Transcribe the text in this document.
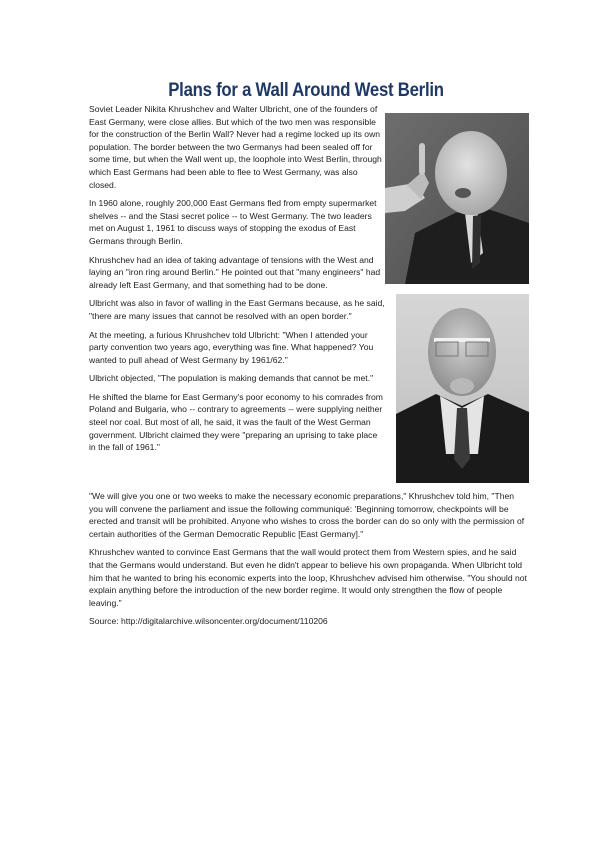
Plans for a Wall Around West Berlin

Soviet Leader Nikita Khrushchev and Walter Ulbricht, one of the founders of East Germany, were close allies. But which of the two men was responsible for the construction of the Berlin Wall? Never had a regime locked up its own population. The border between the two Germanys had been sealed off for some time, but when the Wall went up, the loophole into West Berlin, through which East Germans had been able to flee to West Germany, was also closed.

In 1960 alone, roughly 200,000 East Germans fled from empty supermarket shelves -- and the Stasi secret police -- to West Germany. The two leaders met on August 1, 1961 to discuss ways of stopping the exodus of East Germans through Berlin.

Khrushchev had an idea of taking advantage of tensions with the West and laying an "iron ring around Berlin." He pointed out that "many engineers" had already left East Germany, and that something had to be done.

Ulbricht was also in favor of walling in the East Germans because, as he said, "there are many issues that cannot be resolved with an open border."

At the meeting, a furious Khrushchev told Ulbricht: "When I attended your party convention two years ago, everything was fine. What happened? You wanted to pull ahead of West Germany by 1961/62."

Ulbricht objected, "The population is making demands that cannot be met."

He shifted the blame for East Germany's poor economy to his comrades from Poland and Bulgaria, who -- contrary to agreements -- were supplying neither steel nor coal. But most of all, he said, it was the fault of the West German government. Ulbricht claimed they were "preparing an uprising to take place in the fall of 1961."

"We will give you one or two weeks to make the necessary economic preparations," Khrushchev told him, "Then you will convene the parliament and issue the following communiqué: 'Beginning tomorrow, checkpoints will be erected and transit will be prohibited. Anyone who wishes to cross the border can do so only with the permission of certain authorities of the German Democratic Republic [East Germany]."

Khrushchev wanted to convince East Germans that the wall would protect them from Western spies, and he said that the Germans would understand. But even he didn't appear to believe his own propaganda. When Ulbricht told him that he wanted to bring his economic experts into the loop, Khrushchev advised him otherwise. "You should not explain anything before the introduction of the new border regime. It would only strengthen the flow of people leaving."

Source: http://digitalarchive.wilsoncenter.org/document/110206
